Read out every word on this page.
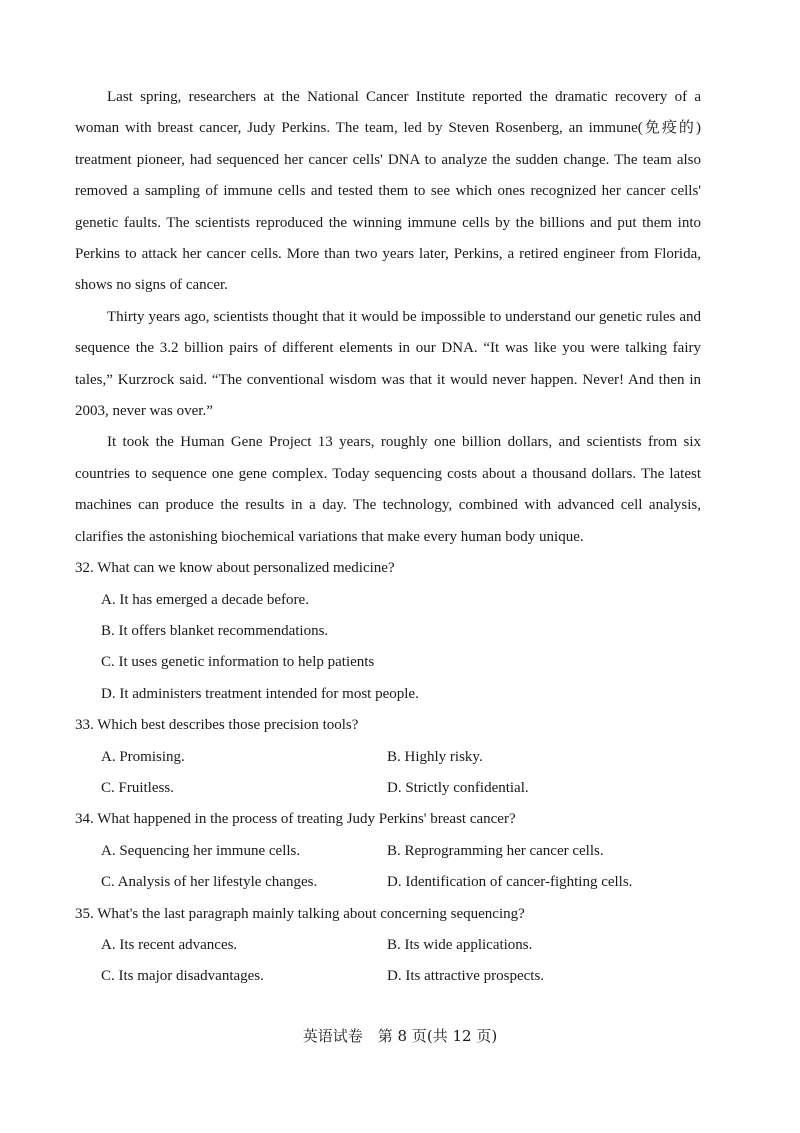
Last spring, researchers at the National Cancer Institute reported the dramatic recovery of a woman with breast cancer, Judy Perkins. The team, led by Steven Rosenberg, an immune(免疫的) treatment pioneer, had sequenced her cancer cells' DNA to analyze the sudden change. The team also removed a sampling of immune cells and tested them to see which ones recognized her cancer cells' genetic faults. The scientists reproduced the winning immune cells by the billions and put them into Perkins to attack her cancer cells. More than two years later, Perkins, a retired engineer from Florida, shows no signs of cancer.

Thirty years ago, scientists thought that it would be impossible to understand our genetic rules and sequence the 3.2 billion pairs of different elements in our DNA. “It was like you were talking fairy tales,” Kurzrock said. “The conventional wisdom was that it would never happen. Never! And then in 2003, never was over.”

It took the Human Gene Project 13 years, roughly one billion dollars, and scientists from six countries to sequence one gene complex. Today sequencing costs about a thousand dollars. The latest machines can produce the results in a day. The technology, combined with advanced cell analysis, clarifies the astonishing biochemical variations that make every human body unique.

32. What can we know about personalized medicine?

A. It has emerged a decade before.

B. It offers blanket recommendations.

C. It uses genetic information to help patients

D. It administers treatment intended for most people.

33. Which best describes those precision tools?

A. Promising.	B. Highly risky.

C. Fruitless.	D. Strictly confidential.

34. What happened in the process of treating Judy Perkins' breast cancer?

A. Sequencing her immune cells.	B. Reprogramming her cancer cells.

C. Analysis of her lifestyle changes.	D. Identification of cancer-fighting cells.

35. What's the last paragraph mainly talking about concerning sequencing?

A. Its recent advances.	B. Its wide applications.

C. Its major disadvantages.	D. Its attractive prospects.

英语试卷　第 8 页(共 12 页)
